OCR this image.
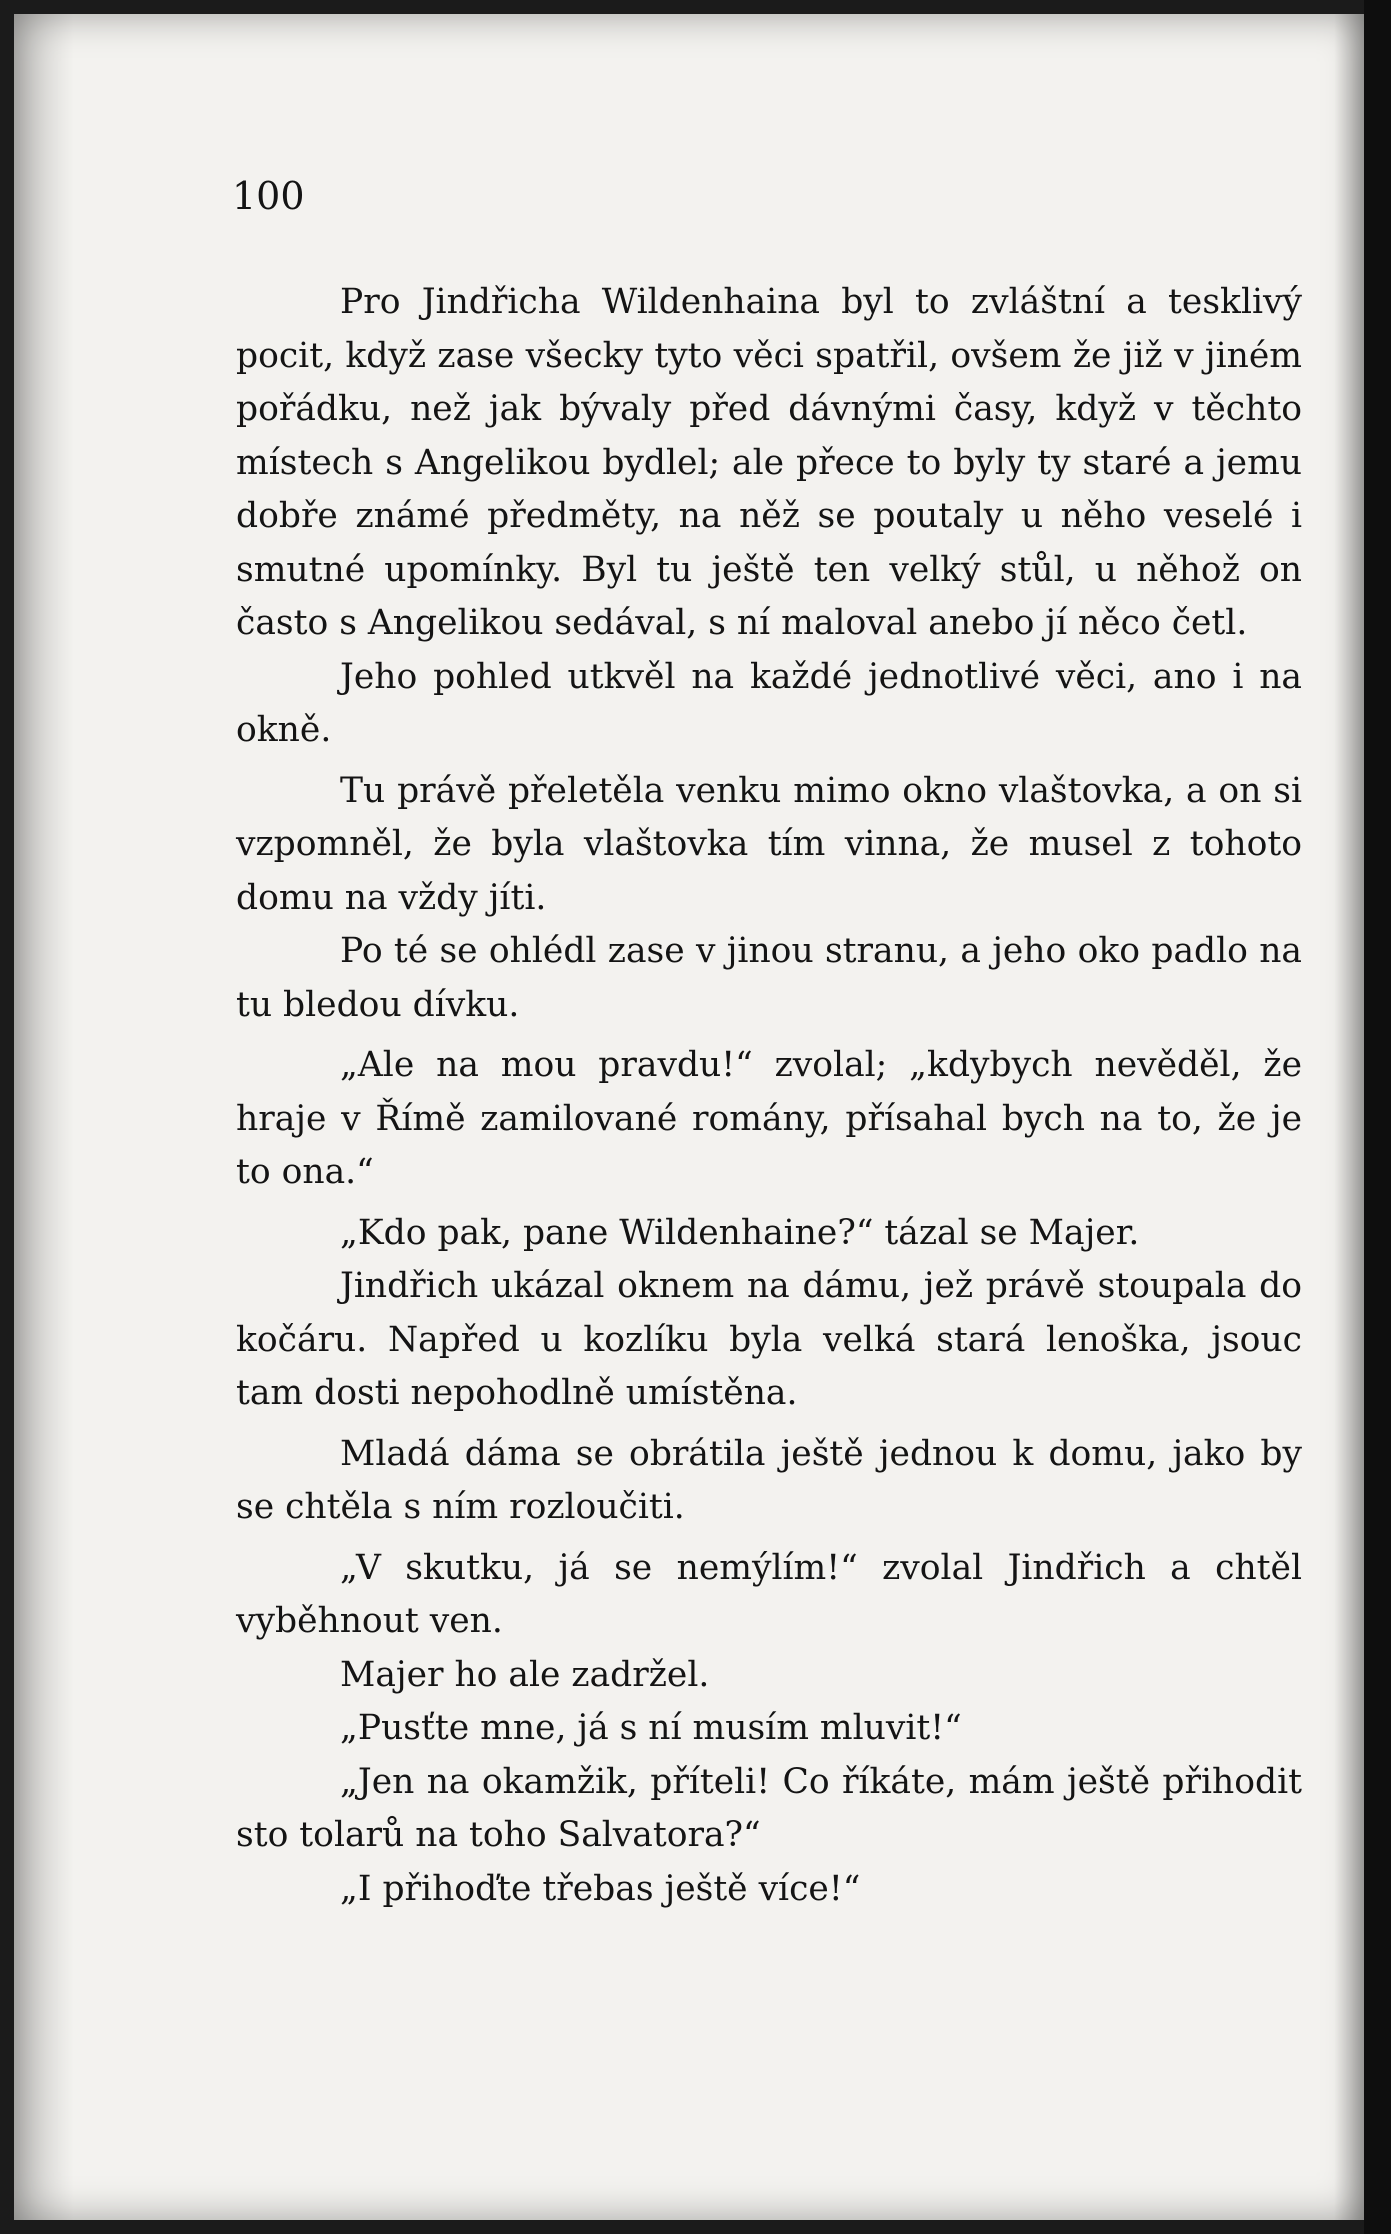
100

Pro Jindřicha Wildenhaina byl to zvláštní a tesklivý pocit, když zase všecky tyto věci spatřil, ovšem že již v jiném pořádku, než jak bývaly před dávnými časy, když v těchto místech s Angelikou bydlel; ale přece to byly ty staré a jemu dobře známé předměty, na něž se poutaly u něho veselé i smutné upomínky. Byl tu ještě ten velký stůl, u něhož on často s Angelikou sedával, s ní maloval anebo jí něco četl.

Jeho pohled utkvěl na každé jednotlivé věci, ano i na okně.

Tu právě přeletěla venku mimo okno vlaštovka, a on si vzpomněl, že byla vlaštovka tím vinna, že musel z tohoto domu na vždy jíti.

Po té se ohlédl zase v jinou stranu, a jeho oko padlo na tu bledou dívku.

„Ale na mou pravdu!“ zvolal; „kdybych nevěděl, že hraje v Římě zamilované romány, přísahal bych na to, že je to ona.“

„Kdo pak, pane Wildenhaine?“ tázal se Majer.

Jindřich ukázal oknem na dámu, jež právě stoupala do kočáru. Napřed u kozlíku byla velká stará lenoška, jsouc tam dosti nepohodlně umístěna.

Mladá dáma se obrátila ještě jednou k domu, jako by se chtěla s ním rozloučiti.

„V skutku, já se nemýlím!“ zvolal Jindřich a chtěl vyběhnout ven.

Majer ho ale zadržel.

„Pusťte mne, já s ní musím mluvit!“

„Jen na okamžik, příteli! Co říkáte, mám ještě přihodit sto tolarů na toho Salvatora?“

„I přihoďte třebas ještě více!“
